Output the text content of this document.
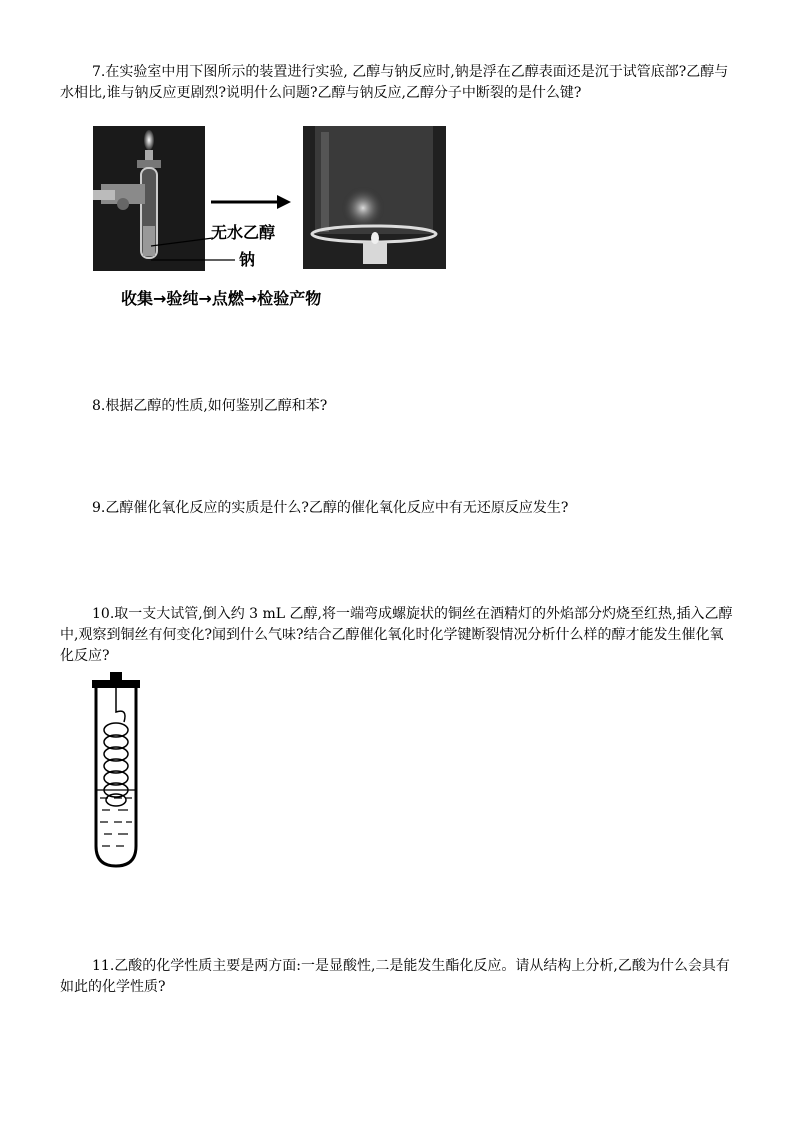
7.在实验室中用下图所示的装置进行实验, 乙醇与钠反应时,钠是浮在乙醇表面还是沉于试管底部?乙醇与水相比,谁与钠反应更剧烈?说明什么问题?乙醇与钠反应,乙醇分子中断裂的是什么键?
无水乙醇
钠
收集→验纯→点燃→检验产物
8.根据乙醇的性质,如何鉴别乙醇和苯?
9.乙醇催化氧化反应的实质是什么?乙醇的催化氧化反应中有无还原反应发生?
10.取一支大试管,倒入约 3 mL 乙醇,将一端弯成螺旋状的铜丝在酒精灯的外焰部分灼烧至红热,插入乙醇中,观察到铜丝有何变化?闻到什么气味?结合乙醇催化氧化时化学键断裂情况分析什么样的醇才能发生催化氧化反应?
11.乙酸的化学性质主要是两方面:一是显酸性,二是能发生酯化反应。请从结构上分析,乙酸为什么会具有如此的化学性质?
